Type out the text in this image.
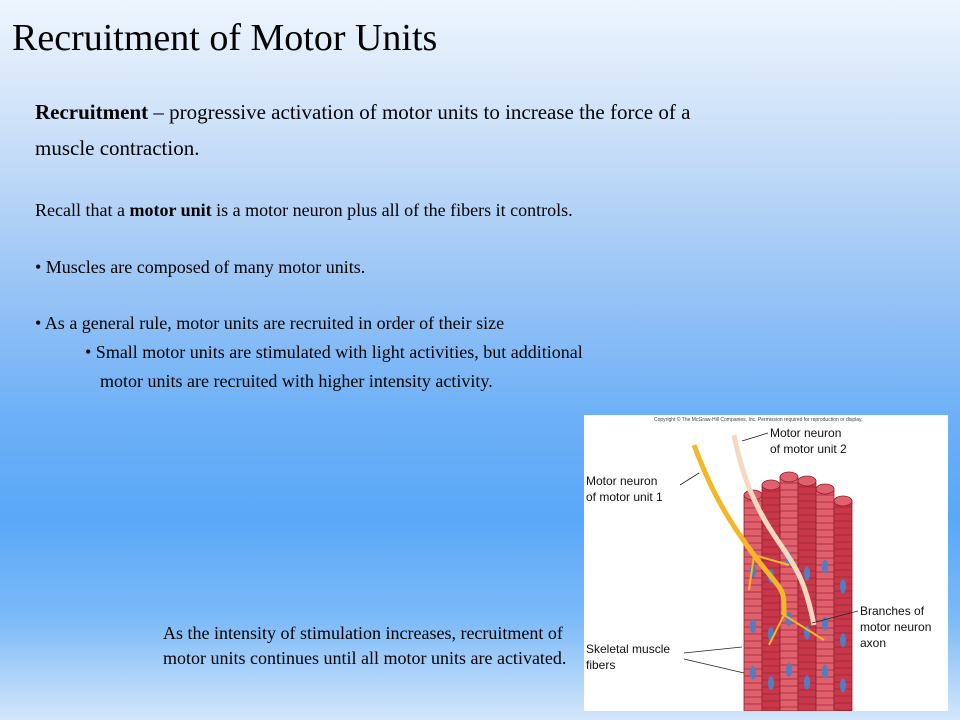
Recruitment of Motor Units
Recruitment – progressive activation of motor units to increase the force of a muscle contraction.
Recall that a motor unit is a motor neuron plus all of the fibers it controls.
• Muscles are composed of many motor units.
• As a general rule, motor units are recruited in order of their size
• Small motor units are stimulated with light activities, but additional
motor units are recruited with higher intensity activity.
As the intensity of stimulation increases, recruitment of motor units continues until all motor units are activated.
Copyright © The McGraw-Hill Companies, Inc. Permission required for reproduction or display.
Motor neuron
of motor unit 2
Motor neuron
of motor unit 1
Branches of
motor neuron
axon
Skeletal muscle
fibers
